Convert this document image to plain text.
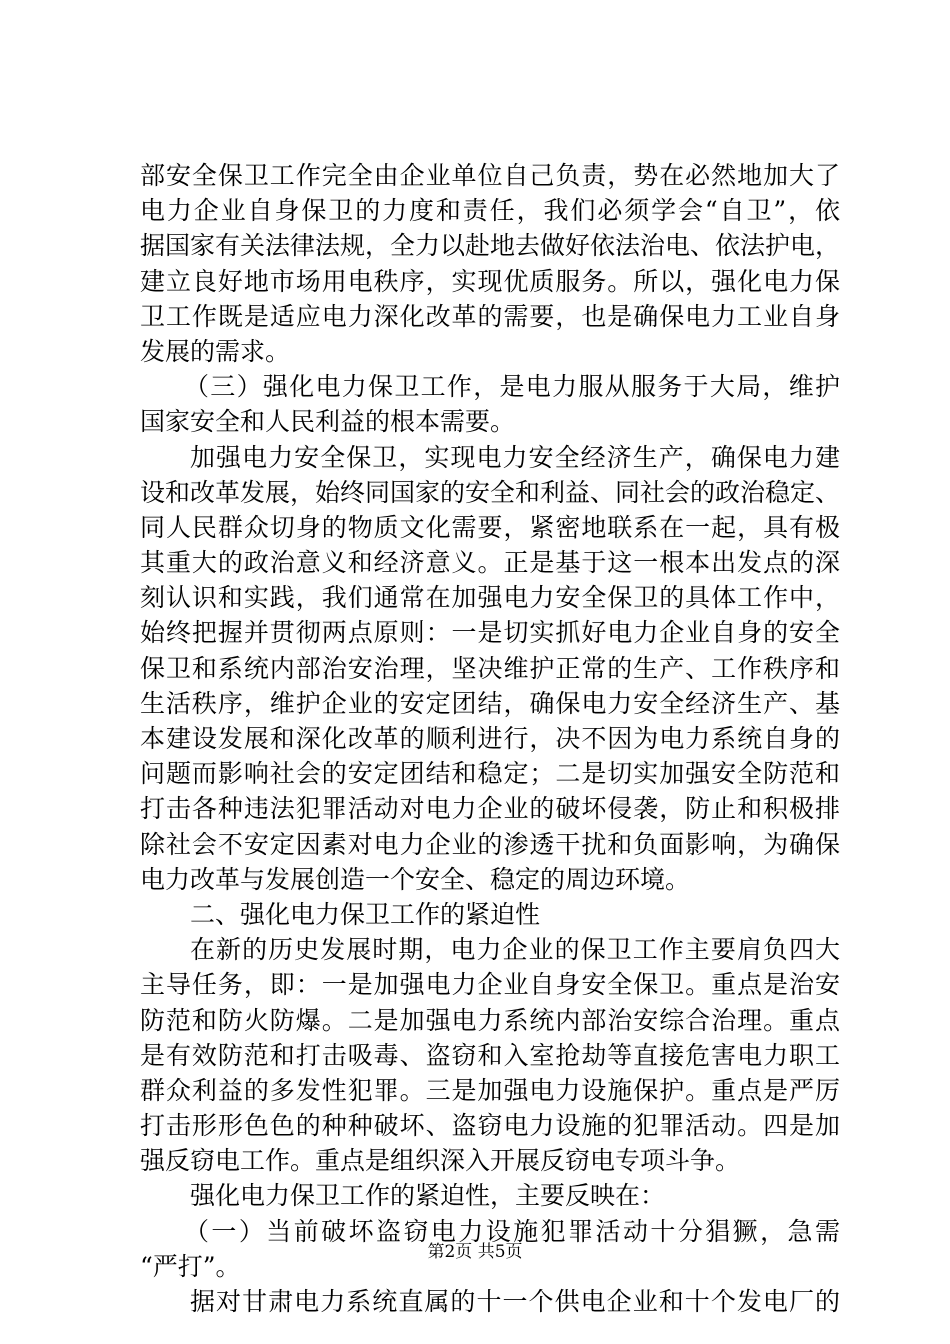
部安全保卫工作完全由企业单位自己负责，势在必然地加大了
电力企业自身保卫的力度和责任，我们必须学会“自卫”，依
据国家有关法律法规，全力以赴地去做好依法治电、依法护电，
建立良好地市场用电秩序，实现优质服务。所以，强化电力保
卫工作既是适应电力深化改革的需要，也是确保电力工业自身
发展的需求。
（三）强化电力保卫工作，是电力服从服务于大局，维护
国家安全和人民利益的根本需要。
加强电力安全保卫，实现电力安全经济生产，确保电力建
设和改革发展，始终同国家的安全和利益、同社会的政治稳定、
同人民群众切身的物质文化需要，紧密地联系在一起，具有极
其重大的政治意义和经济意义。正是基于这一根本出发点的深
刻认识和实践，我们通常在加强电力安全保卫的具体工作中，
始终把握并贯彻两点原则：一是切实抓好电力企业自身的安全
保卫和系统内部治安治理，坚决维护正常的生产、工作秩序和
生活秩序，维护企业的安定团结，确保电力安全经济生产、基
本建设发展和深化改革的顺利进行，决不因为电力系统自身的
问题而影响社会的安定团结和稳定；二是切实加强安全防范和
打击各种违法犯罪活动对电力企业的破坏侵袭，防止和积极排
除社会不安定因素对电力企业的渗透干扰和负面影响，为确保
电力改革与发展创造一个安全、稳定的周边环境。
二、强化电力保卫工作的紧迫性
在新的历史发展时期，电力企业的保卫工作主要肩负四大
主导任务，即：一是加强电力企业自身安全保卫。重点是治安
防范和防火防爆。二是加强电力系统内部治安综合治理。重点
是有效防范和打击吸毒、盗窃和入室抢劫等直接危害电力职工
群众利益的多发性犯罪。三是加强电力设施保护。重点是严厉
打击形形色色的种种破坏、盗窃电力设施的犯罪活动。四是加
强反窃电工作。重点是组织深入开展反窃电专项斗争。
强化电力保卫工作的紧迫性，主要反映在：
（一）当前破坏盗窃电力设施犯罪活动十分猖獗，急需
“严打”。
据对甘肃电力系统直属的十一个供电企业和十个发电厂的
第2页 共5页
